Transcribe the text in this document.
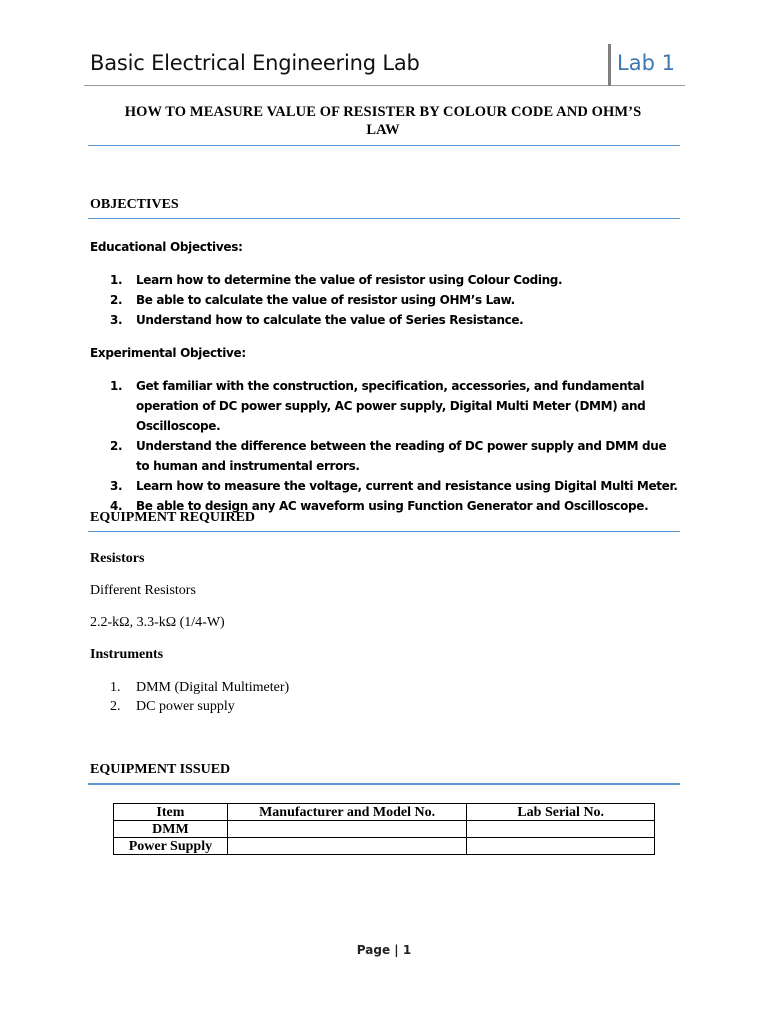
Basic Electrical Engineering Lab	Lab 1
HOW TO MEASURE VALUE OF RESISTER BY COLOUR CODE AND OHM’S
LAW
OBJECTIVES
Educational Objectives:
1. Learn how to determine the value of resistor using Colour Coding.
2. Be able to calculate the value of resistor using OHM’s Law.
3. Understand how to calculate the value of Series Resistance.
Experimental Objective:
1. Get familiar with the construction, specification, accessories, and fundamental operation of DC power supply, AC power supply, Digital Multi Meter (DMM) and Oscilloscope.
2. Understand the difference between the reading of DC power supply and DMM due to human and instrumental errors.
3. Learn how to measure the voltage, current and resistance using Digital Multi Meter.
4. Be able to design any AC waveform using Function Generator and Oscilloscope.
EQUIPMENT REQUIRED
Resistors
Different Resistors
2.2-kΩ, 3.3-kΩ (1/4-W)
Instruments
1. DMM (Digital Multimeter)
2. DC power supply
EQUIPMENT ISSUED
Item	Manufacturer and Model No.	Lab Serial No.
DMM		
Power Supply		
Page | 1
